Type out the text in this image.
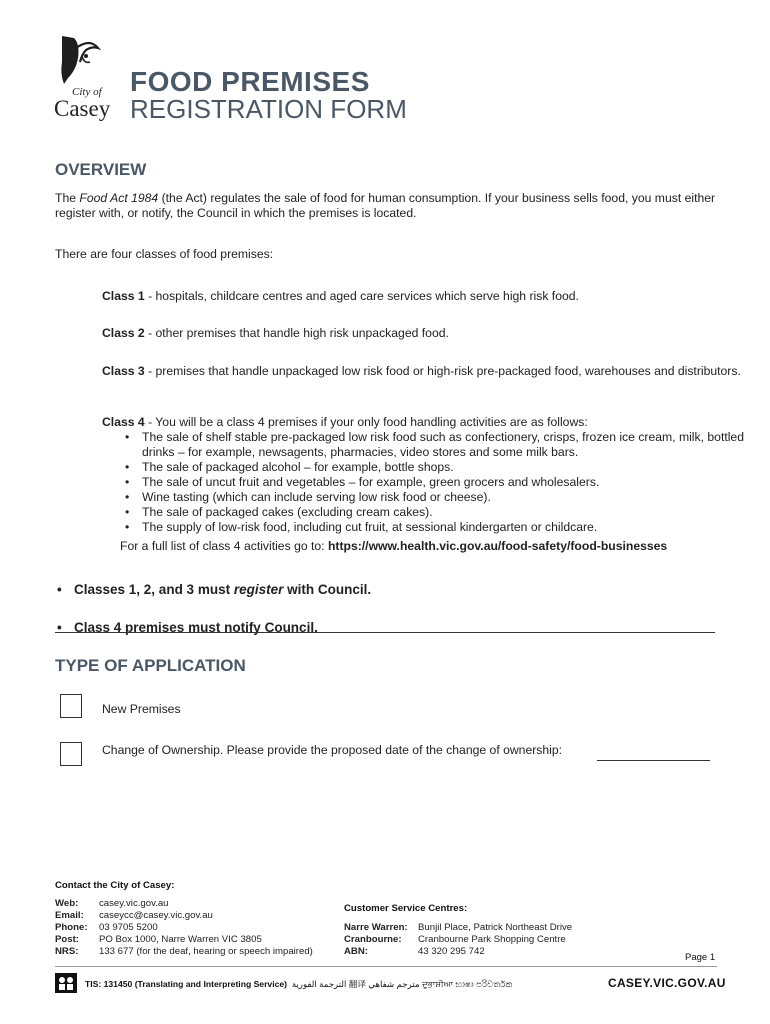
City of
Casey
FOOD PREMISES
REGISTRATION FORM
OVERVIEW
The Food Act 1984 (the Act) regulates the sale of food for human consumption. If your business sells food, you must either register with, or notify, the Council in which the premises is located.
There are four classes of food premises:
Class 1 - hospitals, childcare centres and aged care services which serve high risk food.
Class 2 - other premises that handle high risk unpackaged food.
Class 3 - premises that handle unpackaged low risk food or high-risk pre-packaged food, warehouses and distributors.
Class 4 - You will be a class 4 premises if your only food handling activities are as follows:
• The sale of shelf stable pre-packaged low risk food such as confectionery, crisps, frozen ice cream, milk, bottled drinks – for example, newsagents, pharmacies, video stores and some milk bars.
• The sale of packaged alcohol – for example, bottle shops.
• The sale of uncut fruit and vegetables – for example, green grocers and wholesalers.
• Wine tasting (which can include serving low risk food or cheese).
• The sale of packaged cakes (excluding cream cakes).
• The supply of low-risk food, including cut fruit, at sessional kindergarten or childcare.
For a full list of class 4 activities go to: https://www.health.vic.gov.au/food-safety/food-businesses
• Classes 1, 2, and 3 must register with Council.
• Class 4 premises must notify Council.
TYPE OF APPLICATION
New Premises
Change of Ownership. Please provide the proposed date of the change of ownership:
Contact the City of Casey:
Web:	casey.vic.gov.au
Email:	caseycc@casey.vic.gov.au
Phone:	03 9705 5200
Post:	PO Box 1000, Narre Warren VIC 3805
NRS:	133 677 (for the deaf, hearing or speech impaired)
Customer Service Centres:
Narre Warren:	Bunjil Place, Patrick Northeast Drive
Cranbourne:	Cranbourne Park Shopping Centre
ABN:	43 320 295 742
Page 1
TIS: 131450 (Translating and Interpreting Service) الترجمة الفورية 翻译 مترجم شفاهي ਦੁਭਾਸ਼ੀਆ භාෂා පරිවර්තක	CASEY.VIC.GOV.AU
